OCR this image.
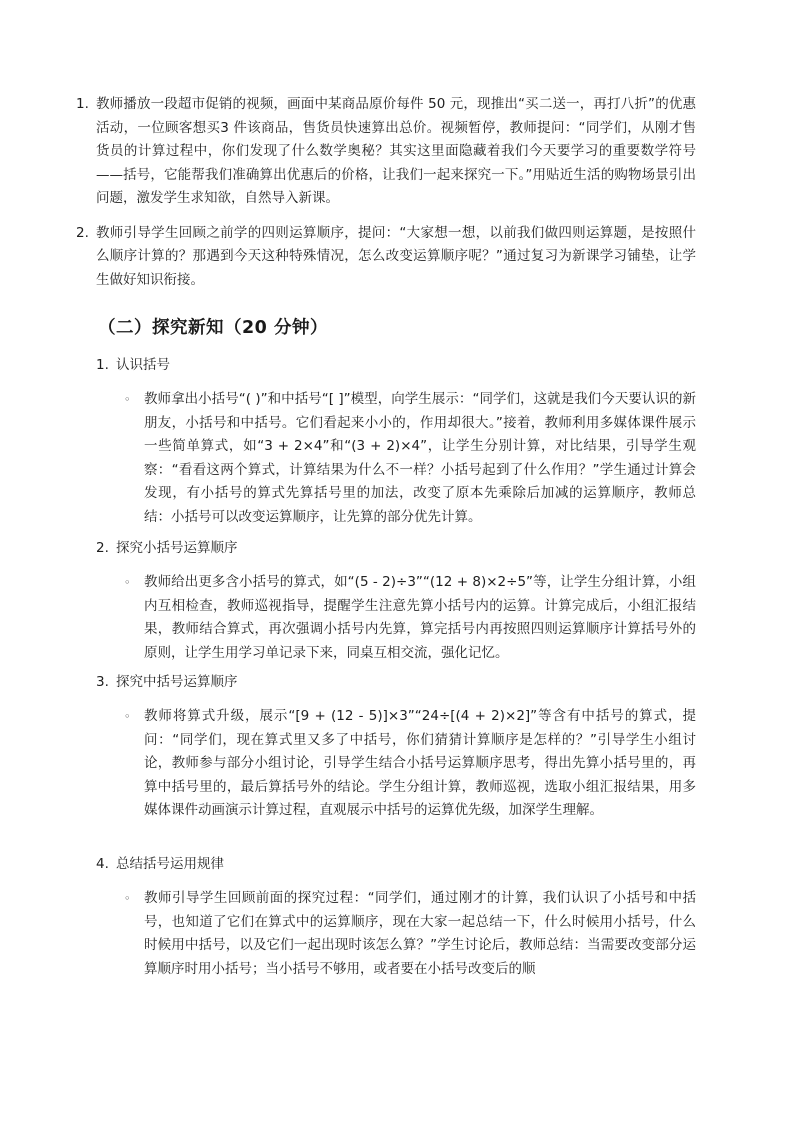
1. 教师播放一段超市促销的视频，画面中某商品原价每件 50 元，现推出“买二送一，再打八折”的优惠活动，一位顾客想买3 件该商品，售货员快速算出总价。视频暂停，教师提问：“同学们，从刚才售货员的计算过程中，你们发现了什么数学奥秘？其实这里面隐藏着我们今天要学习的重要数学符号——括号，它能帮我们准确算出优惠后的价格，让我们一起来探究一下。”用贴近生活的购物场景引出问题，激发学生求知欲，自然导入新课。
2. 教师引导学生回顾之前学的四则运算顺序，提问：“大家想一想，以前我们做四则运算题，是按照什么顺序计算的？那遇到今天这种特殊情况，怎么改变运算顺序呢？”通过复习为新课学习铺垫，让学生做好知识衔接。
（二）探究新知（20 分钟）
1. 认识括号
◦ 教师拿出小括号“( )”和中括号“[ ]”模型，向学生展示：“同学们，这就是我们今天要认识的新朋友，小括号和中括号。它们看起来小小的，作用却很大。”接着，教师利用多媒体课件展示一些简单算式，如“3 + 2×4”和“(3 + 2)×4”，让学生分别计算，对比结果，引导学生观察：“看看这两个算式，计算结果为什么不一样？小括号起到了什么作用？”学生通过计算会发现，有小括号的算式先算括号里的加法，改变了原本先乘除后加减的运算顺序，教师总结：小括号可以改变运算顺序，让先算的部分优先计算。
2. 探究小括号运算顺序
◦ 教师给出更多含小括号的算式，如“(5 - 2)÷3”“(12 + 8)×2÷5”等，让学生分组计算，小组内互相检查，教师巡视指导，提醒学生注意先算小括号内的运算。计算完成后，小组汇报结果，教师结合算式，再次强调小括号内先算，算完括号内再按照四则运算顺序计算括号外的原则，让学生用学习单记录下来，同桌互相交流，强化记忆。
3. 探究中括号运算顺序
◦ 教师将算式升级，展示“[9 + (12 - 5)]×3”“24÷[(4 + 2)×2]”等含有中括号的算式，提问：“同学们，现在算式里又多了中括号，你们猜猜计算顺序是怎样的？”引导学生小组讨论，教师参与部分小组讨论，引导学生结合小括号运算顺序思考，得出先算小括号里的，再算中括号里的，最后算括号外的结论。学生分组计算，教师巡视，选取小组汇报结果，用多媒体课件动画演示计算过程，直观展示中括号的运算优先级，加深学生理解。
4. 总结括号运用规律
◦ 教师引导学生回顾前面的探究过程：“同学们，通过刚才的计算，我们认识了小括号和中括号，也知道了它们在算式中的运算顺序，现在大家一起总结一下，什么时候用小括号，什么时候用中括号，以及它们一起出现时该怎么算？”学生讨论后，教师总结：当需要改变部分运算顺序时用小括号；当小括号不够用，或者要在小括号改变后的顺
